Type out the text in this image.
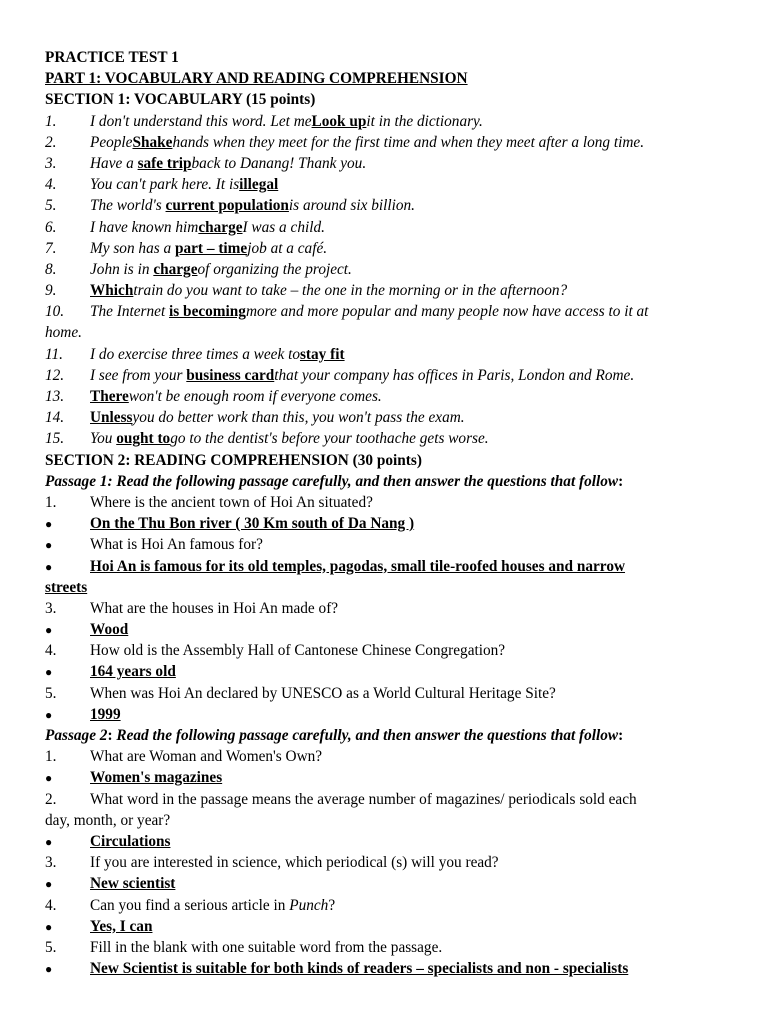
PRACTICE TEST 1
PART 1: VOCABULARY AND READING COMPREHENSION
SECTION 1: VOCABULARY (15 points)
1. I don't understand this word. Let meLook upit in the dictionary.
2. PeopleShakehands when they meet for the first time and when they meet after a long time.
3. Have a safe tripback to Danang! Thank you.
4. You can't park here. It isillegal
5. The world's current populationis around six billion.
6. I have known himchargeI was a child.
7. My son has a part – timejob at a café.
8. John is in chargeof organizing the project.
9. Whichtrain do you want to take – the one in the morning or in the afternoon?
10. The Internet is becomingmore and more popular and many people now have access to it at
home.
11. I do exercise three times a week tostay fit
12. I see from your business cardthat your company has offices in Paris, London and Rome.
13. Therewon't be enough room if everyone comes.
14. Unlessyou do better work than this, you won't pass the exam.
15. You ought togo to the dentist's before your toothache gets worse.
SECTION 2: READING COMPREHENSION (30 points)
Passage 1: Read the following passage carefully, and then answer the questions that follow:
1. Where is the ancient town of Hoi An situated?
● On the Thu Bon river ( 30 Km south of Da Nang )
● What is Hoi An famous for?
● Hoi An is famous for its old temples, pagodas, small tile-roofed houses and narrow
streets
3. What are the houses in Hoi An made of?
● Wood
4. How old is the Assembly Hall of Cantonese Chinese Congregation?
● 164 years old
5. When was Hoi An declared by UNESCO as a World Cultural Heritage Site?
● 1999
Passage 2: Read the following passage carefully, and then answer the questions that follow:
1. What are Woman and Women's Own?
● Women's magazines
2. What word in the passage means the average number of magazines/ periodicals sold each
day, month, or year?
● Circulations
3. If you are interested in science, which periodical (s) will you read?
● New scientist
4. Can you find a serious article in Punch?
● Yes, I can
5. Fill in the blank with one suitable word from the passage.
● New Scientist is suitable for both kinds of readers – specialists and non - specialists
